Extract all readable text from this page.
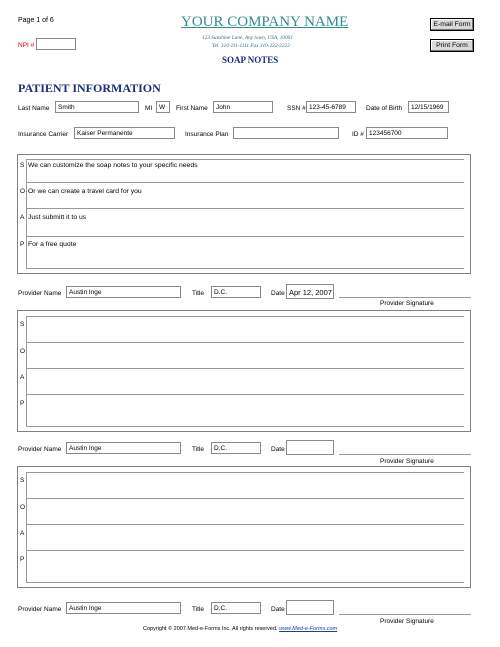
Page 1 of 6
NPI #
YOUR COMPANY NAME
123 Sunshine Lane, Any town, USA, 10001
Tel. 310-111-1111 Fax 310-222-2222
SOAP NOTES
E-mail Form
Print Form
PATIENT INFORMATION
Last Name	Smith	MI	W	First Name	John	SSN # 123-45-6789	Date of Birth	12/15/1969
Insurance Carrier	Kaiser Permanente	Insurance Plan	ID # 123456700
S We can customize the soap notes to your specific needs
O Or we can create a travel card for you
A Just submitt it to us
P For a free quote
Provider Name	Austin Inge	Title	D.C.	Date Apr 12, 2007
Provider Signature
S
O
A
P
Provider Name	Austin Inge	Title	D.C.	Date
Provider Signature
S
O
A
P
Provider Name	Austin Inge	Title	D.C.	Date
Provider Signature
Copyright © 2007 Med-e-Forms Inc. All rights reserved. www.Med-e-Forms.com
